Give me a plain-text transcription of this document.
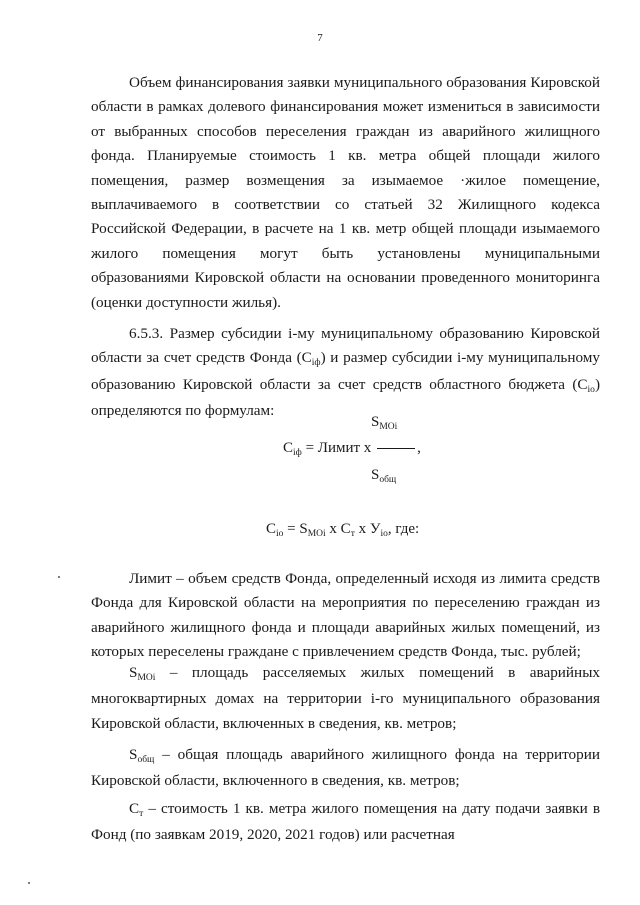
7

Объем финансирования заявки муниципального образования Кировской области в рамках долевого финансирования может измениться в зависимости от выбранных способов переселения граждан из аварийного жилищного фонда. Планируемые стоимость 1 кв. метра общей площади жилого помещения, размер возмещения за изымаемое ·жилое помещение, выплачиваемого в соответствии со статьей 32 Жилищного кодекса Российской Федерации, в расчете на 1 кв. метр общей площади изымаемого жилого помещения могут быть установлены муниципальными образованиями Кировской области на основании проведенного мониторинга (оценки доступности жилья).

6.5.3. Размер субсидии i-му муниципальному образованию Кировской области за счет средств Фонда (Ciф) и размер субсидии i-му муниципальному образованию Кировской области за счет средств областного бюджета (Ciо) определяются по формулам:

$S_{MOi}$
$C_{iф}$ = Лимит x	,
$S_{общ}$
$C_{iо} = S_{MOi}$ x $C_т$ x $У_{iо}$, где:

Лимит – объем средств Фонда, определенный исходя из лимита средств Фонда для Кировской области на мероприятия по переселению граждан из аварийного жилищного фонда и площади аварийных жилых помещений, из которых переселены граждане с привлечением средств Фонда, тыс. рублей;

SMOi – площадь расселяемых жилых помещений в аварийных многоквартирных домах на территории i-го муниципального образования Кировской области, включенных в сведения, кв. метров;

Sобщ – общая площадь аварийного жилищного фонда на территории Кировской области, включенного в сведения, кв. метров;

Cт – стоимость 1 кв. метра жилого помещения на дату подачи заявки в Фонд (по заявкам 2019, 2020, 2021 годов) или расчетная
